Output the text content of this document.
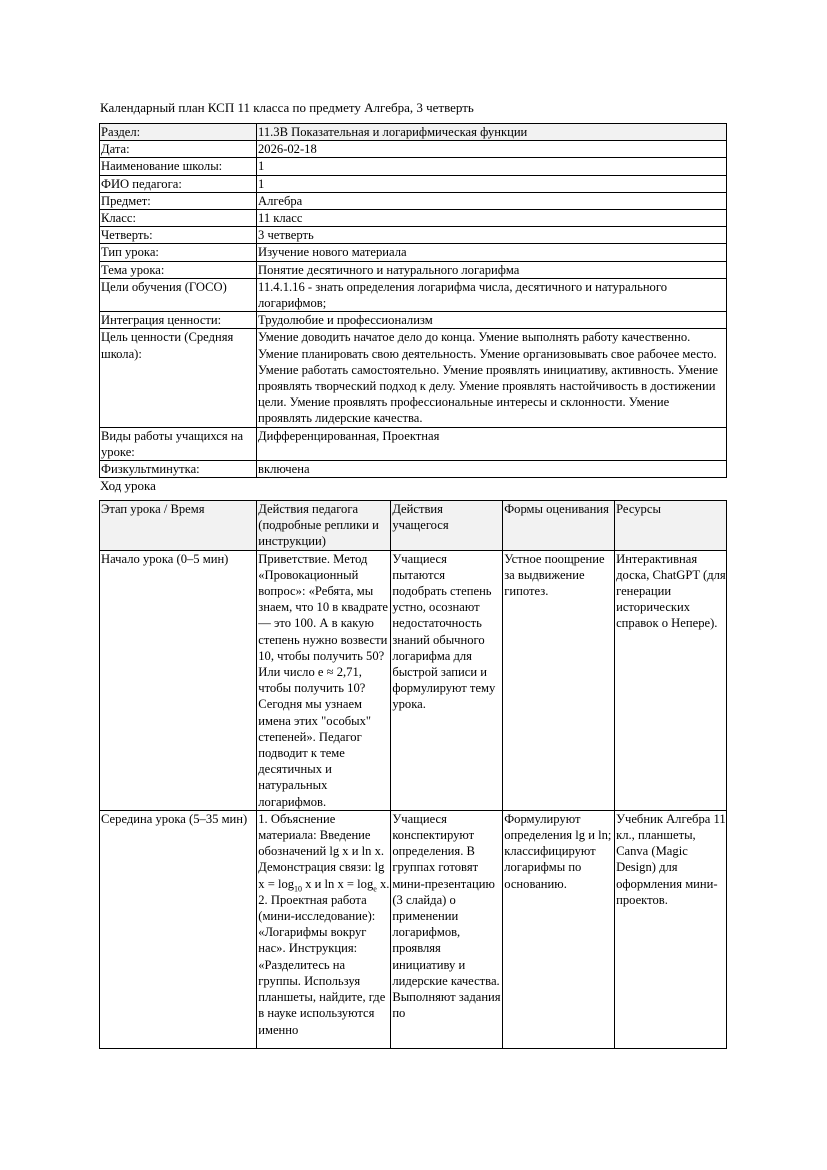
Календарный план КСП 11 класса по предмету Алгебра, 3 четверть
Раздел:	11.3В Показательная и логарифмическая функции
Дата:	2026-02-18
Наименование школы:	1
ФИО педагога:	1
Предмет:	Алгебра
Класс:	11 класс
Четверть:	3 четверть
Тип урока:	Изучение нового материала
Тема урока:	Понятие десятичного и натурального логарифма
Цели обучения (ГОСО)	11.4.1.16 - знать определения логарифма числа, десятичного и натурального логарифмов;
Интеграция ценности:	Трудолюбие и профессионализм
Цель ценности (Средняя школа):	Умение доводить начатое дело до конца. Умение выполнять работу качественно. Умение планировать свою деятельность. Умение организовывать свое рабочее место. Умение работать самостоятельно. Умение проявлять инициативу, активность. Умение проявлять творческий подход к делу. Умение проявлять настойчивость в достижении цели. Умение проявлять профессиональные интересы и склонности. Умение проявлять лидерские качества.
Виды работы учащихся на уроке:	Дифференцированная, Проектная
Физкультминутка:	включена
Ход урока
Этап урока / Время	Действия педагога (подробные реплики и инструкции)	Действия учащегося	Формы оценивания	Ресурсы
Начало урока (0–5 мин)	Приветствие. Метод «Провокационный вопрос»: «Ребята, мы знаем, что 10 в квадрате — это 100. А в какую степень нужно возвести 10, чтобы получить 50? Или число e ≈ 2,71, чтобы получить 10? Сегодня мы узнаем имена этих "особых" степеней». Педагог подводит к теме десятичных и натуральных логарифмов.	Учащиеся пытаются подобрать степень устно, осознают недостаточность знаний обычного логарифма для быстрой записи и формулируют тему урока.	Устное поощрение за выдвижение гипотез.	Интерактивная доска, ChatGPT (для генерации исторических справок о Непере).
Середина урока (5–35 мин)	1. Объяснение материала: Введение обозначений lg x и ln x. Демонстрация связи: $\lg x = \log_{10} x$ и $\ln x = \log_e x$. 2. Проектная работа (мини-исследование): «Логарифмы вокруг нас». Инструкция: «Разделитесь на группы. Используя планшеты, найдите, где в науке используются именно	Учащиеся конспектируют определения. В группах готовят мини-презентацию (3 слайда) о применении логарифмов, проявляя инициативу и лидерские качества. Выполняют задания по	Формулируют определения lg и ln; классифицируют логарифмы по основанию.	Учебник Алгебра 11 кл., планшеты, Canva (Magic Design) для оформления мини-проектов.
